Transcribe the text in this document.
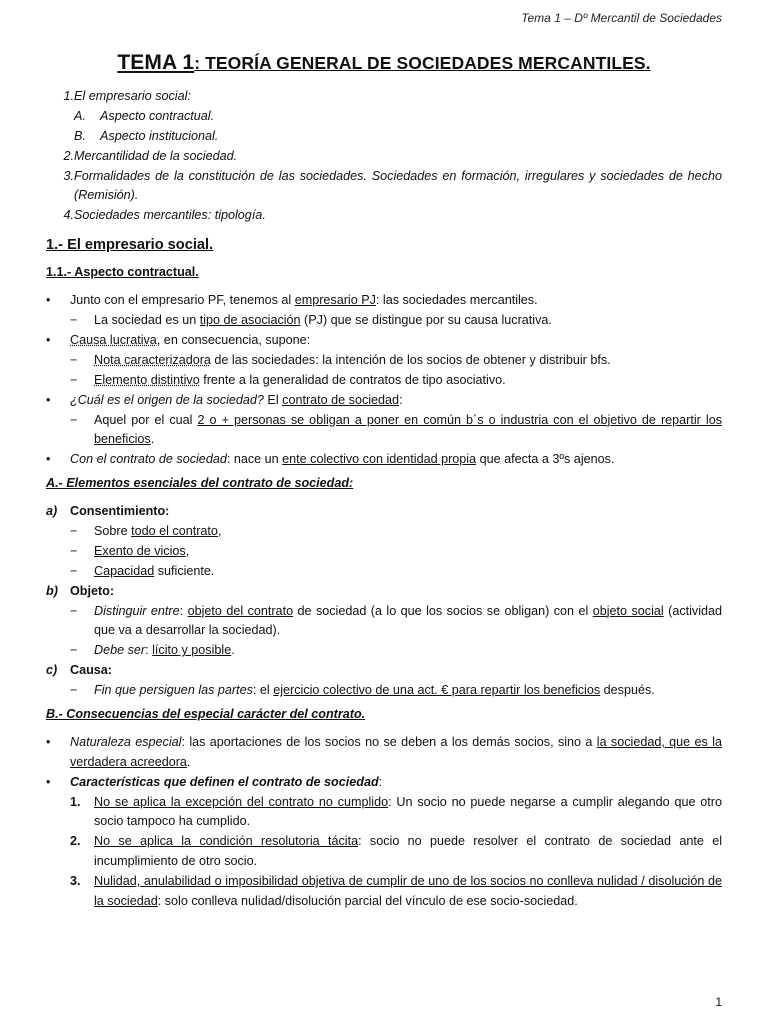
Tema 1 – Dº Mercantil de Sociedades
TEMA 1: TEORÍA GENERAL DE SOCIEDADES MERCANTILES.
1. El empresario social:
A.	Aspecto contractual.
B.	Aspecto institucional.
2. Mercantilidad de la sociedad.
3. Formalidades de la constitución de las sociedades. Sociedades en formación, irregulares y sociedades de hecho (Remisión).
4. Sociedades mercantiles: tipología.

1.- El empresario social.

1.1.- Aspecto contractual.

•	Junto con el empresario PF, tenemos al empresario PJ: las sociedades mercantiles.
−	La sociedad es un tipo de asociación (PJ) que se distingue por su causa lucrativa.
•	Causa lucrativa, en consecuencia, supone:
−	Nota caracterizadora de las sociedades: la intención de los socios de obtener y distribuir bfs.
−	Elemento distintivo frente a la generalidad de contratos de tipo asociativo.
•	¿Cuál es el origen de la sociedad? El contrato de sociedad:
−	Aquel por el cual 2 o + personas se obligan a poner en común b´s o industria con el objetivo de repartir los beneficios.
•	Con el contrato de sociedad: nace un ente colectivo con identidad propia que afecta a 3ºs ajenos.

A.- Elementos esenciales del contrato de sociedad:

a)	Consentimiento:
−	Sobre todo el contrato,
−	Exento de vicios,
−	Capacidad suficiente.
b) Objeto:
−	Distinguir entre: objeto del contrato de sociedad (a lo que los socios se obligan) con el objeto social (actividad que va a desarrollar la sociedad).
−	Debe ser: lícito y posible.
c)	Causa:
−	Fin que persiguen las partes: el ejercicio colectivo de una act. € para repartir los beneficios después.

B.- Consecuencias del especial carácter del contrato.

•	Naturaleza especial: las aportaciones de los socios no se deben a los demás socios, sino a la sociedad, que es la verdadera acreedora.
•	Características que definen el contrato de sociedad:
1.	No se aplica la excepción del contrato no cumplido: Un socio no puede negarse a cumplir alegando que otro socio tampoco ha cumplido.
2.	No se aplica la condición resolutoria tácita: socio no puede resolver el contrato de sociedad ante el incumplimiento de otro socio.
3.	Nulidad, anulabilidad o imposibilidad objetiva de cumplir de uno de los socios no conlleva nulidad / disolución de la sociedad: solo conlleva nulidad/disolución parcial del vínculo de ese socio-sociedad.
1
